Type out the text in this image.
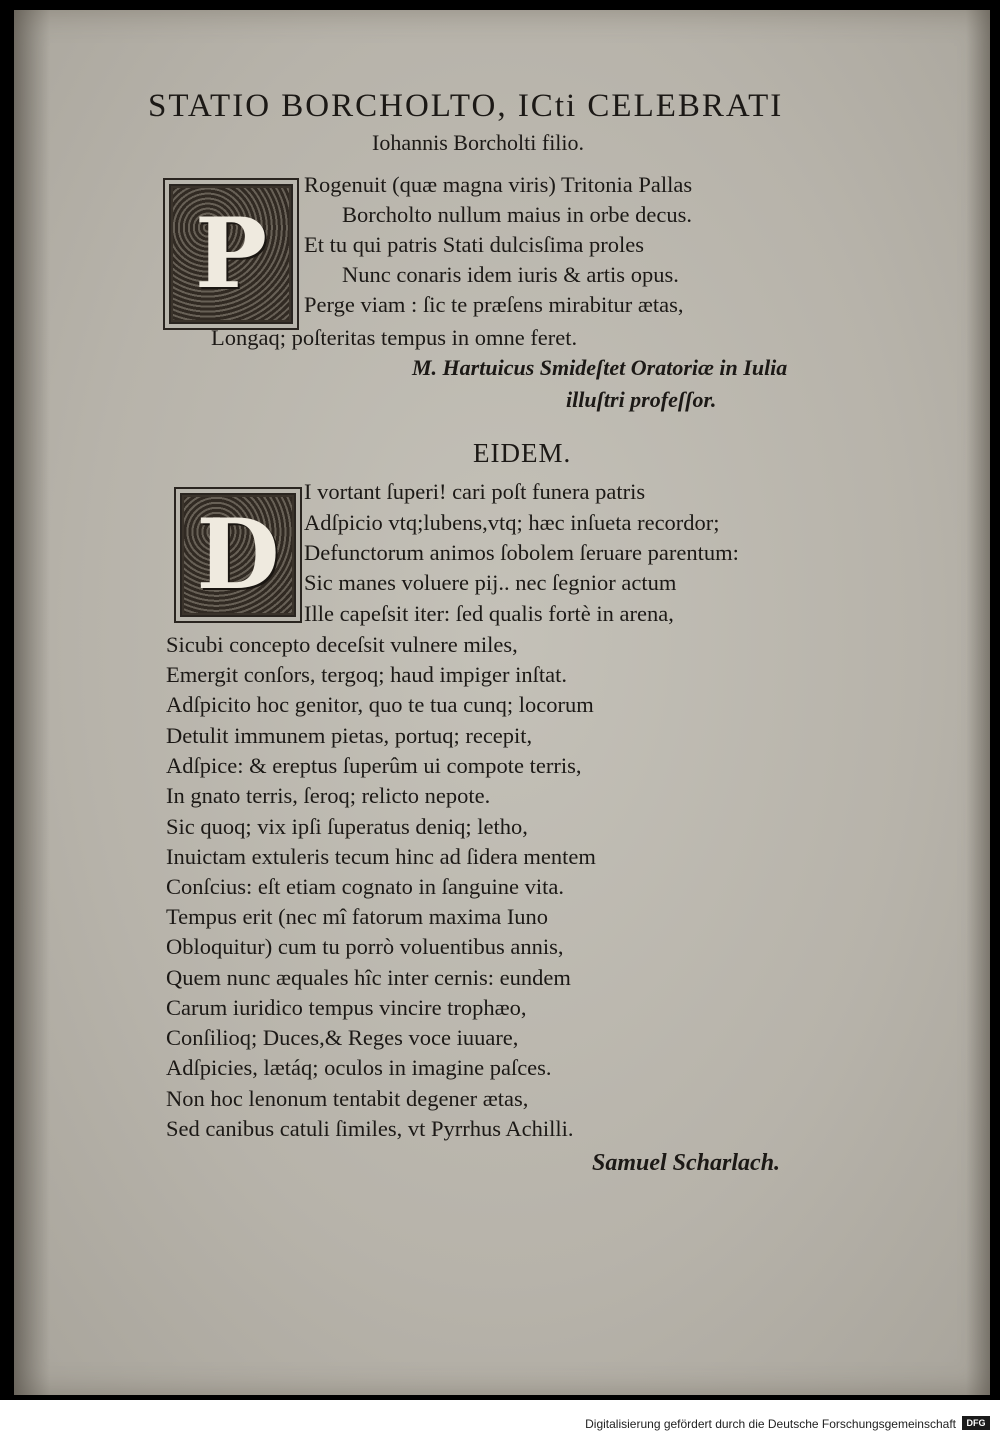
STATIO BORCHOLTO, ICti CELEBRATI
Iohannis Borcholti filio.
P
Rogenuit (quæ magna viris) Tritonia Pallas
Borcholto nullum maius in orbe decus.
Et tu qui patris Stati dulcisſima proles
Nunc conaris idem iuris & artis opus.
Perge viam : ſic te præſens mirabitur ætas,
Longaq; poſteritas tempus in omne feret.
M. Hartuicus Smideſtet Oratoriæ in Iulia
illuſtri profeſſor.
EIDEM.
D
I vortant ſuperi! cari poſt funera patris
Adſpicio vtq;lubens,vtq; hæc inſueta recordor;
Defunctorum animos ſobolem ſeruare parentum:
Sic manes voluere pij.. nec ſegnior actum
Ille capeſsit iter: ſed qualis fortè in arena,
Sicubi concepto deceſsit vulnere miles,
Emergit conſors, tergoq; haud impiger inſtat.
Adſpicito hoc genitor, quo te tua cunq; locorum
Detulit immunem pietas, portuq; recepit,
Adſpice: & ereptus ſuperûm ui compote terris,
In gnato terris, ſeroq; relicto nepote.
Sic quoq; vix ipſi ſuperatus deniq; letho,
Inuictam extuleris tecum hinc ad ſidera mentem
Conſcius: eſt etiam cognato in ſanguine vita.
Tempus erit (nec mî fatorum maxima Iuno
Obloquitur) cum tu porrò voluentibus annis,
Quem nunc æquales hîc inter cernis: eundem
Carum iuridico tempus vincire trophæo,
Conſilioq; Duces,& Reges voce iuuare,
Adſpicies, lætáq; oculos in imagine paſces.
Non hoc lenonum tentabit degener ætas,
Sed canibus catuli ſimiles, vt Pyrrhus Achilli.
Samuel Scharlach.
Digitalisierung gefördert durch die Deutsche Forschungsgemeinschaft	DFG
